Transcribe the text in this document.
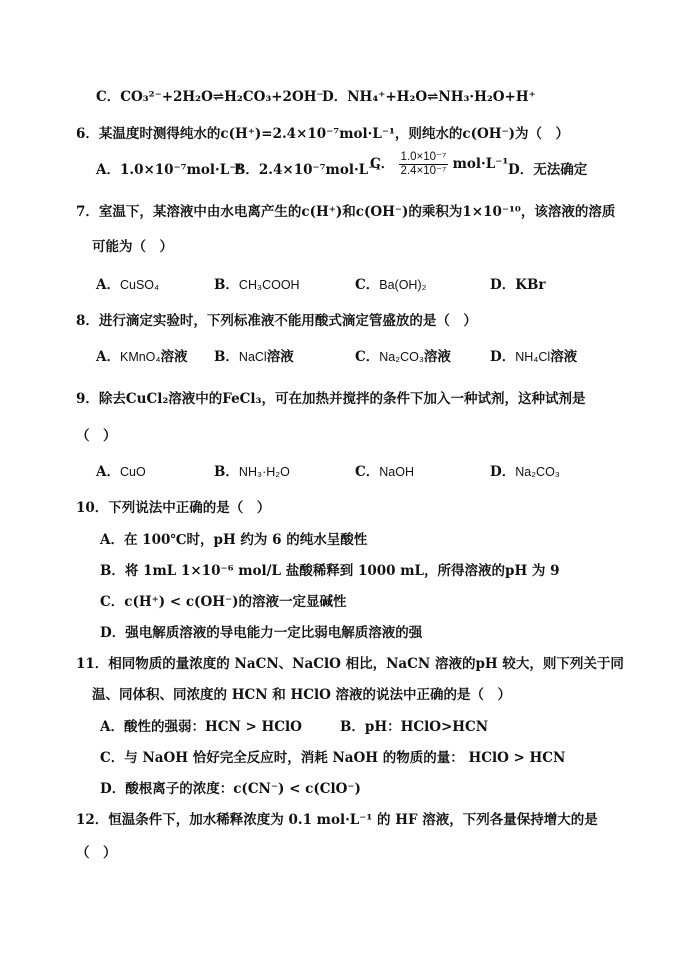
C．CO₃²⁻+2H₂O⇌H₂CO₃+2OH⁻
D．NH₄⁺+H₂O⇌NH₃·H₂O+H⁺
6．某温度时测得纯水的c(H⁺)=2.4×10⁻⁷mol·L⁻¹，则纯水的c(OH⁻)为（　）
A．1.0×10⁻⁷mol·L⁻¹
B．2.4×10⁻⁷mol·L⁻¹
C． $\frac{\text{1.0×10⁻⁷}}{\text{2.4×10⁻⁷}} mol\cdot L^{-1}$ D．无法确定
7．室温下，某溶液中由水电离产生的c(H⁺)和c(OH⁻)的乘积为1×10⁻¹⁰，该溶液的溶质
可能为（　）
A．CuSO₄	B．CH₃COOH	C．Ba(OH)₂	D．KBr
8．进行滴定实验时，下列标准液不能用酸式滴定管盛放的是（　）
A．KMnO₄溶液 B．NaCl溶液	C．Na₂CO₃溶液	D．NH₄Cl溶液
9．除去CuCl₂溶液中的FeCl₃，可在加热并搅拌的条件下加入一种试剂，这种试剂是
（　）
A．CuO	B．NH₃·H₂O	C．NaOH	D．Na₂CO₃
10．下列说法中正确的是（　）
A．在 100℃时，pH 约为 6 的纯水呈酸性
B．将 1mL 1×10⁻⁶ mol/L 盐酸稀释到 1000 mL，所得溶液的pH 为 9
C．c(H⁺) < c(OH⁻)的溶液一定显碱性
D．强电解质溶液的导电能力一定比弱电解质溶液的强
11．相同物质的量浓度的 NaCN、NaClO 相比，NaCN 溶液的pH 较大，则下列关于同
温、同体积、同浓度的 HCN 和 HClO 溶液的说法中正确的是（　）
A．酸性的强弱：HCN > HClO	B．pH：HClO>HCN
C．与 NaOH 恰好完全反应时，消耗 NaOH 的物质的量： HClO > HCN
D．酸根离子的浓度：c(CN⁻) < c(ClO⁻)
12．恒温条件下，加水稀释浓度为 0.1 mol·L⁻¹ 的 HF 溶液，下列各量保持增大的是
（　）
